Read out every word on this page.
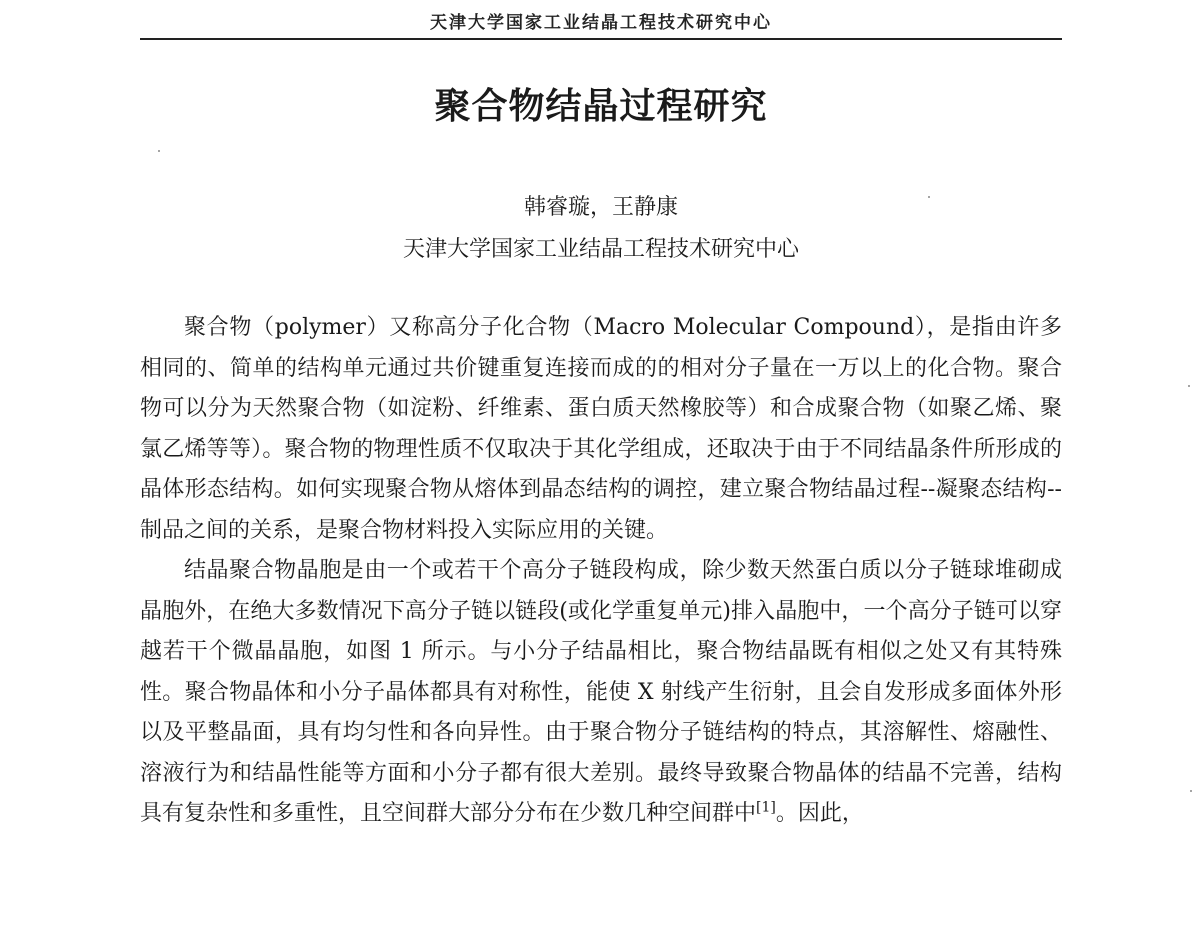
天津大学国家工业结晶工程技术研究中心
聚合物结晶过程研究
韩睿璇，王静康
天津大学国家工业结晶工程技术研究中心

聚合物（polymer）又称高分子化合物（Macro Molecular Compound），是指由许多相同的、简单的结构单元通过共价键重复连接而成的的相对分子量在一万以上的化合物。聚合物可以分为天然聚合物（如淀粉、纤维素、蛋白质天然橡胶等）和合成聚合物（如聚乙烯、聚氯乙烯等等）。聚合物的物理性质不仅取决于其化学组成，还取决于由于不同结晶条件所形成的晶体形态结构。如何实现聚合物从熔体到晶态结构的调控，建立聚合物结晶过程--凝聚态结构--制品之间的关系，是聚合物材料投入实际应用的关键。

结晶聚合物晶胞是由一个或若干个高分子链段构成，除少数天然蛋白质以分子链球堆砌成晶胞外，在绝大多数情况下高分子链以链段(或化学重复单元)排入晶胞中，一个高分子链可以穿越若干个微晶晶胞，如图 1 所示。与小分子结晶相比，聚合物结晶既有相似之处又有其特殊性。聚合物晶体和小分子晶体都具有对称性，能使 X 射线产生衍射，且会自发形成多面体外形以及平整晶面，具有均匀性和各向异性。由于聚合物分子链结构的特点，其溶解性、熔融性、溶液行为和结晶性能等方面和小分子都有很大差别。最终导致聚合物晶体的结晶不完善，结构具有复杂性和多重性，且空间群大部分分布在少数几种空间群中[1]。因此，
